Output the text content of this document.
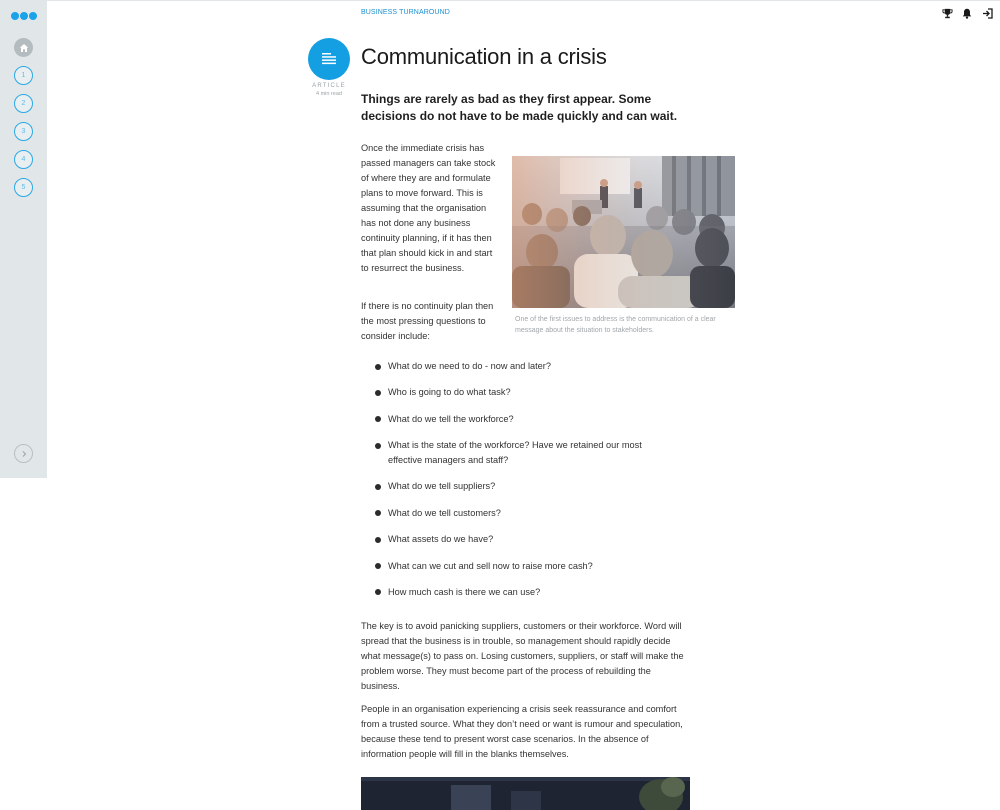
1
2
3
4
5
BUSINESS TURNAROUND
ARTICLE
4 min read
Communication in a crisis

Things are rarely as bad as they first appear. Some decisions do not have to be made quickly and can wait.

Once the immediate crisis has passed managers can take stock of where they are and formulate plans to move forward. This is assuming that the organisation has not done any business continuity planning, if it has then that plan should kick in and start to resurrect the business.

If there is no continuity plan then the most pressing questions to consider include:

One of the first issues to address is the communication of a clear message about the situation to stakeholders.
What do we need to do - now and later?
Who is going to do what task?
What do we tell the workforce?
What is the state of the workforce? Have we retained our most effective managers and staff?
What do we tell suppliers?
What do we tell customers?
What assets do we have?
What can we cut and sell now to raise more cash?
How much cash is there we can use?

The key is to avoid panicking suppliers, customers or their workforce. Word will spread that the business is in trouble, so management should rapidly decide what message(s) to pass on. Losing customers, suppliers, or staff will make the problem worse. They must become part of the process of rebuilding the business.

People in an organisation experiencing a crisis seek reassurance and comfort from a trusted source. What they don’t need or want is rumour and speculation, because these tend to present worst case scenarios. In the absence of information people will fill in the blanks themselves.
